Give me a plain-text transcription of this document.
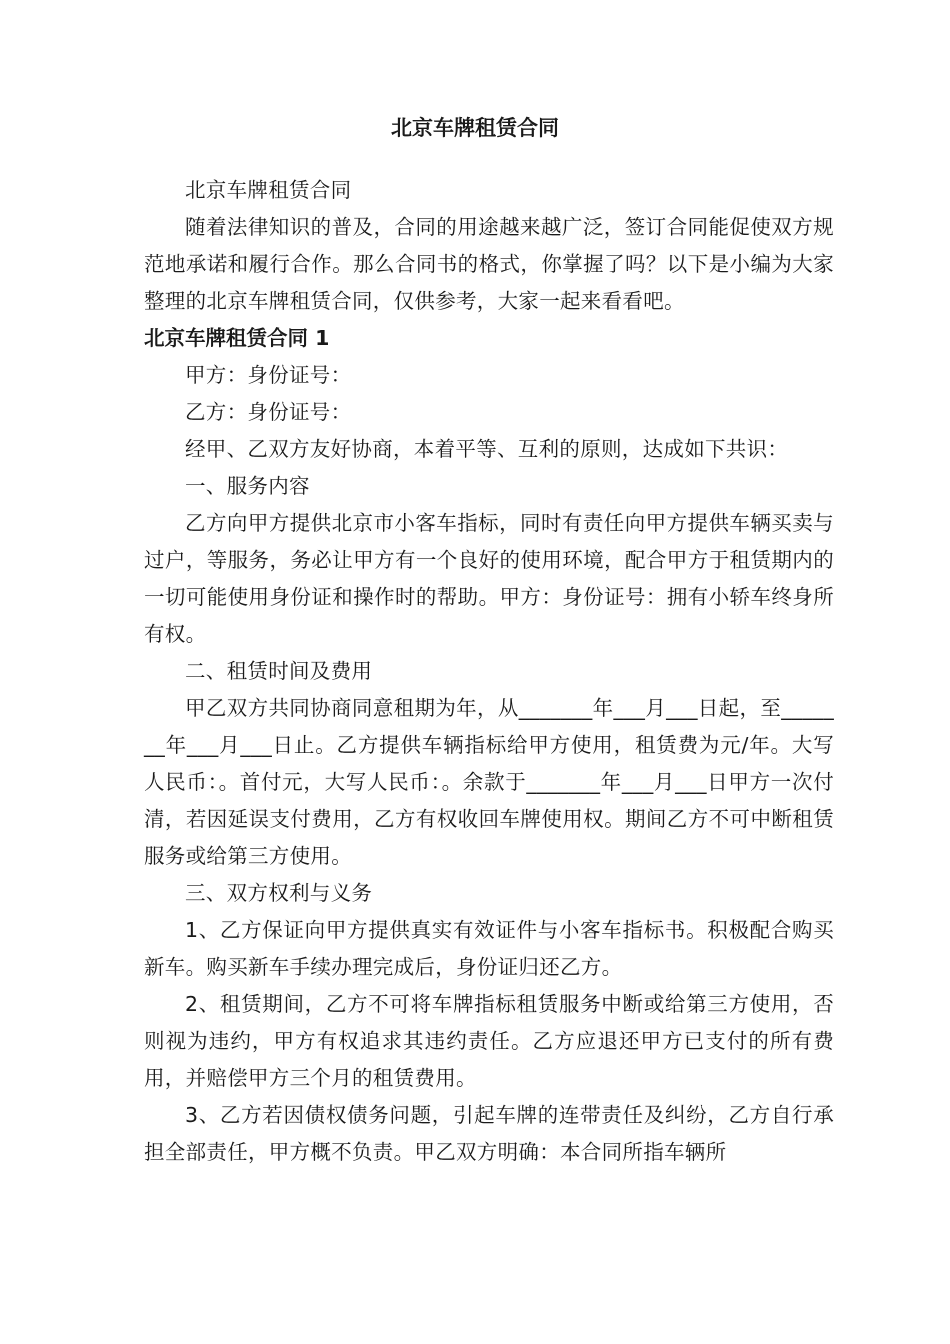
北京车牌租赁合同

北京车牌租赁合同

随着法律知识的普及，合同的用途越来越广泛，签订合同能促使双方规范地承诺和履行合作。那么合同书的格式，你掌握了吗？以下是小编为大家整理的北京车牌租赁合同，仅供参考，大家一起来看看吧。

北京车牌租赁合同 1

甲方：身份证号：

乙方：身份证号：

经甲、乙双方友好协商，本着平等、互利的原则，达成如下共识：

一、服务内容

乙方向甲方提供北京市小客车指标，同时有责任向甲方提供车辆买卖与过户，等服务，务必让甲方有一个良好的使用环境，配合甲方于租赁期内的一切可能使用身份证和操作时的帮助。甲方：身份证号：拥有小轿车终身所有权。

二、租赁时间及费用

甲乙双方共同协商同意租期为年，从_______年___月___日起，至_______年___月___日止。乙方提供车辆指标给甲方使用，租赁费为元/年。大写人民币：。首付元，大写人民币：。余款于_______年___月___日甲方一次付清，若因延误支付费用，乙方有权收回车牌使用权。期间乙方不可中断租赁服务或给第三方使用。

三、双方权利与义务

1、乙方保证向甲方提供真实有效证件与小客车指标书。积极配合购买新车。购买新车手续办理完成后，身份证归还乙方。

2、租赁期间，乙方不可将车牌指标租赁服务中断或给第三方使用，否则视为违约，甲方有权追求其违约责任。乙方应退还甲方已支付的所有费用，并赔偿甲方三个月的租赁费用。

3、乙方若因债权债务问题，引起车牌的连带责任及纠纷，乙方自行承担全部责任，甲方概不负责。甲乙双方明确：本合同所指车辆所
